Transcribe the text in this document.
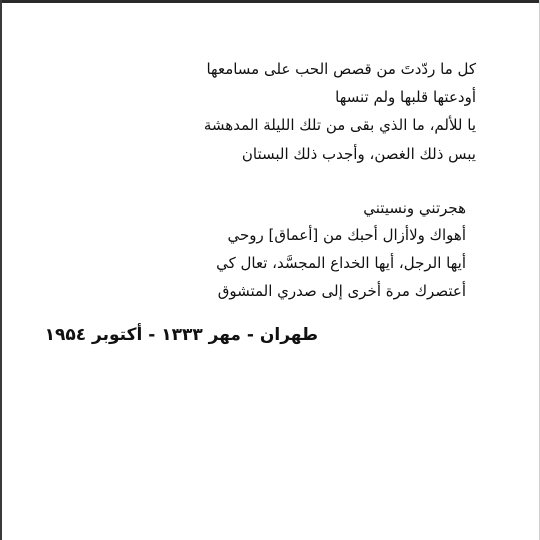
كل ما ردّدتَ من قصص الحب على مسامعها
أودعتها قلبها ولم تنسها
يا للألم، ما الذي بقى من تلك الليلة المدهشة
يبس ذلك الغصن، وأجدب ذلك البستان
هجرتني ونسيتني
أهواك ولاأزال أحبك من [أعماق] روحي
أيها الرجل، أيها الخداع المجسَّد، تعال كي
أعتصرك مرة أخرى إلى صدري المتشوق
طهران - مهر ۱۳۳۳ - أكتوبر ۱۹۵٤
